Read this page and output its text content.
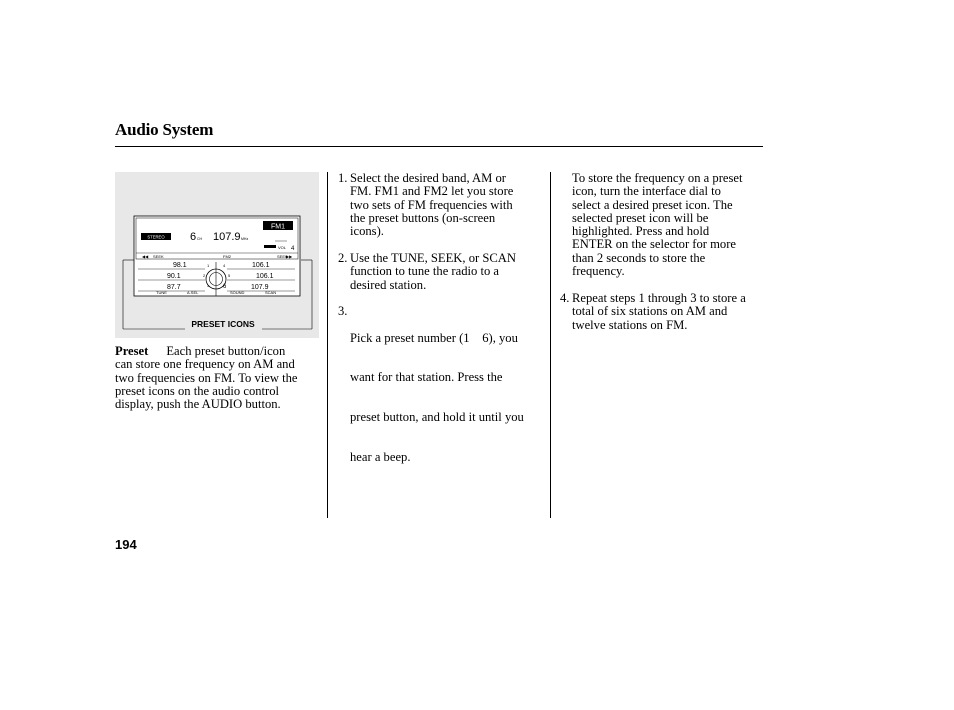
Audio System
FM1
STEREO 6 CH 107.9 MHz
VOL 4
◀◀ SEEK	SEEK
▶▶
FM2
98.1
90.1
87.7
1
2
4
5
6
106.1
106.1
107.9
TUNE	A.SEL	SOUND	SCAN
PRESET ICONS
Preset Each preset button/icon
can store one frequency on AM and
two frequencies on FM. To view the
preset icons on the audio control
display, push the AUDIO button.
1. Select the desired band, AM or
FM. FM1 and FM2 let you store
two sets of FM frequencies with
the preset buttons (on-screen
icons).
2. Use the TUNE, SEEK, or SCAN
function to tune the radio to a
desired station.
3.

Pick a preset number (1    6), you

want for that station. Press the

preset button, and hold it until you

hear a beep.

To store the frequency on a preset
icon, turn the interface dial to
select a desired preset icon. The
selected preset icon will be
highlighted. Press and hold
ENTER on the selector for more
than 2 seconds to store the
frequency.
4. Repeat steps 1 through 3 to store a
total of six stations on AM and
twelve stations on FM.
194
